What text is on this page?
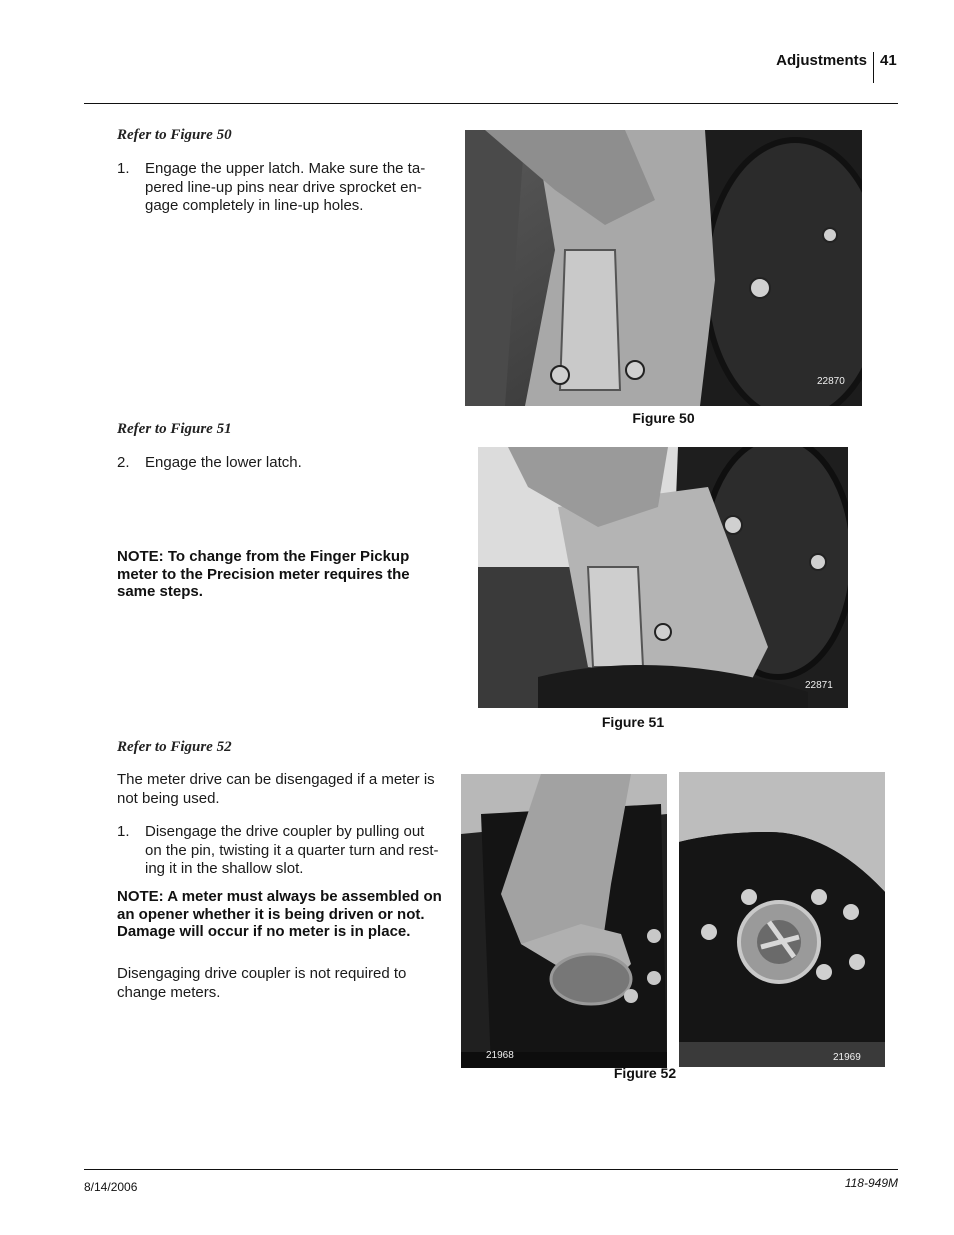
Adjustments 41
Refer to Figure 50
1.	Engage the upper latch. Make sure the tapered line-up pins near drive sprocket engage completely in line-up holes.
22870
Figure 50
Refer to Figure 51
2.	Engage the lower latch.
NOTE: To change from the Finger Pickup meter to the Precision meter requires the same steps.
22871
Figure 51
Refer to Figure 52
The meter drive can be disengaged if a meter is not being used.
1.	Disengage the drive coupler by pulling out on the pin, twisting it a quarter turn and resting it in the shallow slot.
NOTE: A meter must always be assembled on an opener whether it is being driven or not. Damage will occur if no meter is in place.
Disengaging drive coupler is not required to change meters.
21968	21969
Figure 52
8/14/2006	118-949M
